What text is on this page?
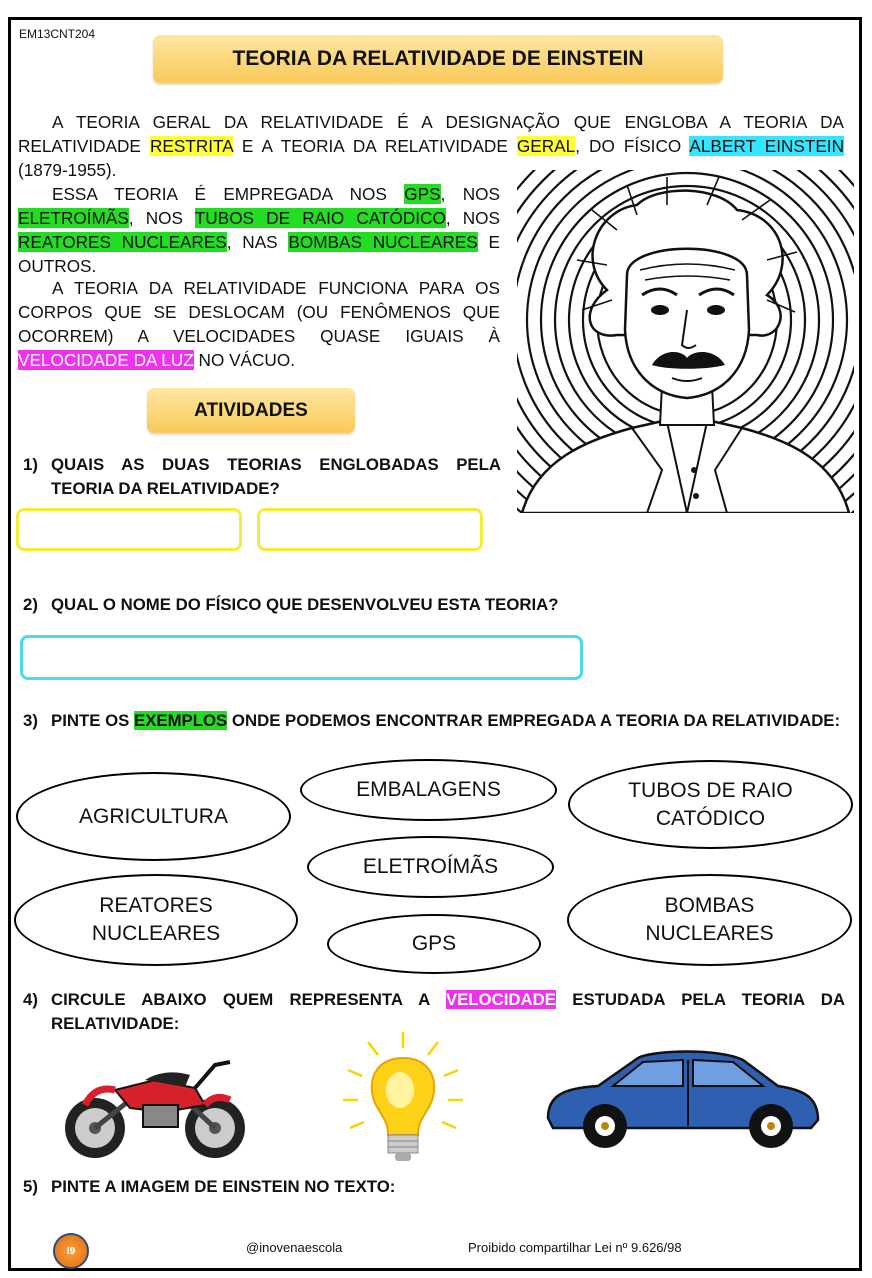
EM13CNT204
TEORIA DA RELATIVIDADE DE EINSTEIN
A TEORIA GERAL DA RELATIVIDADE É A DESIGNAÇÃO QUE ENGLOBA A TEORIA DA RELATIVIDADE RESTRITA E A TEORIA DA RELATIVIDADE GERAL, DO FÍSICO ALBERT EINSTEIN (1879-1955).
ESSA TEORIA É EMPREGADA NOS GPS, NOS ELETROÍMÃS, NOS TUBOS DE RAIO CATÓDICO, NOS REATORES NUCLEARES, NAS BOMBAS NUCLEARES E OUTROS.
A TEORIA DA RELATIVIDADE FUNCIONA PARA OS CORPOS QUE SE DESLOCAM (OU FENÔMENOS QUE OCORREM) A VELOCIDADES QUASE IGUAIS À VELOCIDADE DA LUZ NO VÁCUO.
ATIVIDADES
1) QUAIS AS DUAS TEORIAS ENGLOBADAS PELA TEORIA DA RELATIVIDADE?
2) QUAL O NOME DO FÍSICO QUE DESENVOLVEU ESTA TEORIA?
3) PINTE OS EXEMPLOS ONDE PODEMOS ENCONTRAR EMPREGADA A TEORIA DA RELATIVIDADE:
AGRICULTURA
EMBALAGENS	TUBOS DE RAIO CATÓDICO
ELETROÍMÃS
REATORES NUCLEARES	GPS
BOMBAS NUCLEARES
4) CIRCULE ABAIXO QUEM REPRESENTA A VELOCIDADE ESTUDADA PELA TEORIA DA RELATIVIDADE:
5) PINTE A IMAGEM DE EINSTEIN NO TEXTO:
I9	@inovenaescola	Proibido compartilhar Lei nº 9.626/98
